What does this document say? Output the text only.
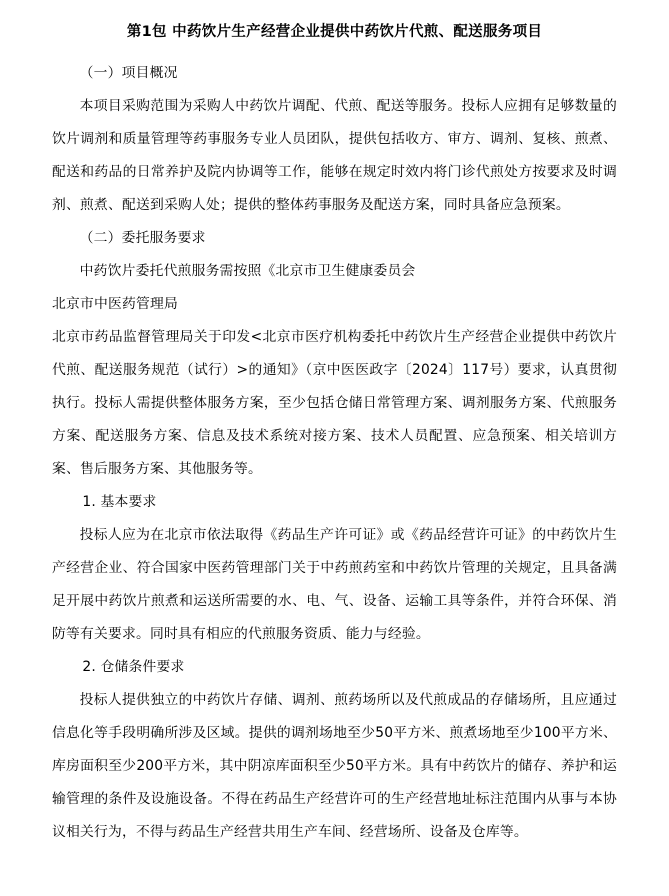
第1包 中药饮片生产经营企业提供中药饮片代煎、配送服务项目

（一）项目概况

本项目采购范围为采购人中药饮片调配、代煎、配送等服务。投标人应拥有足够数量的饮片调剂和质量管理等药事服务专业人员团队，提供包括收方、审方、调剂、复核、煎煮、配送和药品的日常养护及院内协调等工作，能够在规定时效内将门诊代煎处方按要求及时调剂、煎煮、配送到采购人处；提供的整体药事服务及配送方案，同时具备应急预案。

（二）委托服务要求

中药饮片委托代煎服务需按照《北京市卫生健康委员会

北京市中医药管理局

北京市药品监督管理局关于印发<北京市医疗机构委托中药饮片生产经营企业提供中药饮片代煎、配送服务规范（试行）>的通知》（京中医医政字〔2024〕117号）要求，认真贯彻执行。投标人需提供整体服务方案，至少包括仓储日常管理方案、调剂服务方案、代煎服务方案、配送服务方案、信息及技术系统对接方案、技术人员配置、应急预案、相关培训方案、售后服务方案、其他服务等。

1. 基本要求

投标人应为在北京市依法取得《药品生产许可证》或《药品经营许可证》的中药饮片生产经营企业、符合国家中医药管理部门关于中药煎药室和中药饮片管理的关规定，且具备满足开展中药饮片煎煮和运送所需要的水、电、气、设备、运输工具等条件，并符合环保、消防等有关要求。同时具有相应的代煎服务资质、能力与经验。

2. 仓储条件要求

投标人提供独立的中药饮片存储、调剂、煎药场所以及代煎成品的存储场所，且应通过信息化等手段明确所涉及区域。提供的调剂场地至少50平方米、煎煮场地至少100平方米、库房面积至少200平方米，其中阴凉库面积至少50平方米。具有中药饮片的储存、养护和运输管理的条件及设施设备。不得在药品生产经营许可的生产经营地址标注范围内从事与本协议相关行为，不得与药品生产经营共用生产车间、经营场所、设备及仓库等。
